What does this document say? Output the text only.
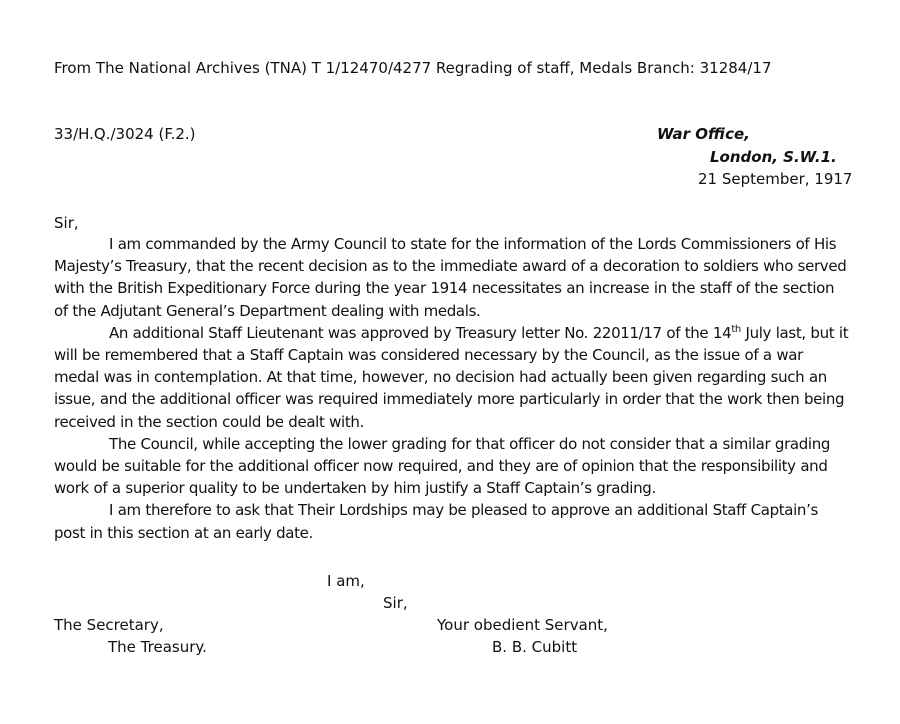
From The National Archives (TNA) T 1/12470/4277 Regrading of staff, Medals Branch: 31284/17
33/H.Q./3024 (F.2.)	War Office,
London, S.W.1.
21 September, 1917
Sir,

I am commanded by the Army Council to state for the information of the Lords Commissioners of His Majesty’s Treasury, that the recent decision as to the immediate award of a decoration to soldiers who served with the British Expeditionary Force during the year 1914 necessitates an increase in the staff of the section of the Adjutant General’s Department dealing with medals.

An additional Staff Lieutenant was approved by Treasury letter No. 22011/17 of the 14th July last, but it will be remembered that a Staff Captain was considered necessary by the Council, as the issue of a war medal was in contemplation. At that time, however, no decision had actually been given regarding such an issue, and the additional officer was required immediately more particularly in order that the work then being received in the section could be dealt with.

The Council, while accepting the lower grading for that officer do not consider that a similar grading would be suitable for the additional officer now required, and they are of opinion that the responsibility and work of a superior quality to be undertaken by him justify a Staff Captain’s grading.

I am therefore to ask that Their Lordships may be pleased to approve an additional Staff Captain’s post in this section at an early date.

I am,
Sir,
Your obedient Servant,
B. B. Cubitt
The Secretary,
The Treasury.
